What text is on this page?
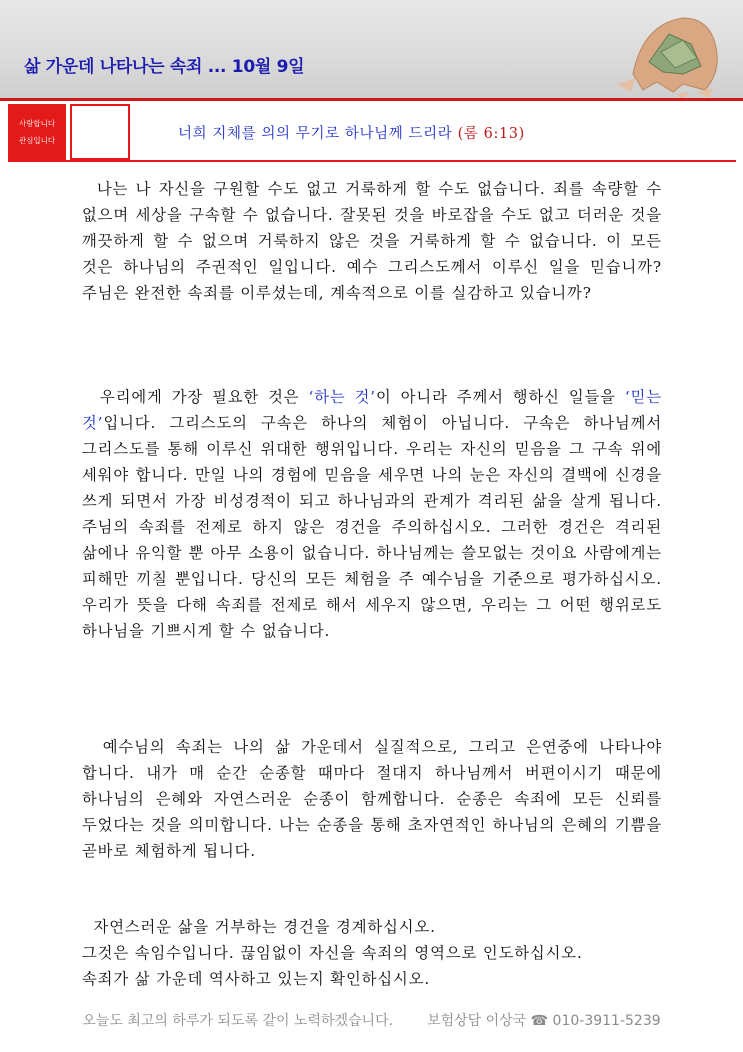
삶 가운데 나타나는 속죄 ... 10월 9일
사랑합니다
관심입니다	너희 지체를 의의 무기로 하나님께 드리라 (롬 6:13)
나는 나 자신을 구원할 수도 없고 거룩하게 할 수도 없습니다. 죄를 속량할 수 없으며 세상을 구속할 수 없습니다. 잘못된 것을 바로잡을 수도 없고 더러운 것을 깨끗하게 할 수 없으며 거룩하지 않은 것을 거룩하게 할 수 없습니다. 이 모든 것은 하나님의 주권적인 일입니다. 예수 그리스도께서 이루신 일을 믿습니까? 주님은 완전한 속죄를 이루셨는데, 계속적으로 이를 실감하고 있습니까?
우리에게 가장 필요한 것은 ‘하는 것’이 아니라 주께서 행하신 일들을 ‘믿는 것’입니다. 그리스도의 구속은 하나의 체험이 아닙니다. 구속은 하나님께서 그리스도를 통해 이루신 위대한 행위입니다. 우리는 자신의 믿음을 그 구속 위에 세워야 합니다. 만일 나의 경험에 믿음을 세우면 나의 눈은 자신의 결백에 신경을 쓰게 되면서 가장 비성경적이 되고 하나님과의 관계가 격리된 삶을 살게 됩니다. 주님의 속죄를 전제로 하지 않은 경건을 주의하십시오. 그러한 경건은 격리된 삶에나 유익할 뿐 아무 소용이 없습니다. 하나님께는 쓸모없는 것이요 사람에게는 피해만 끼칠 뿐입니다. 당신의 모든 체험을 주 예수님을 기준으로 평가하십시오. 우리가 뜻을 다해 속죄를 전제로 해서 세우지 않으면, 우리는 그 어떤 행위로도 하나님을 기쁘시게 할 수 없습니다.
예수님의 속죄는 나의 삶 가운데서 실질적으로, 그리고 은연중에 나타나야 합니다. 내가 매 순간 순종할 때마다 절대지 하나님께서 버편이시기 때문에 하나님의 은혜와 자연스러운 순종이 함께합니다. 순종은 속죄에 모든 신뢰를 두었다는 것을 의미합니다. 나는 순종을 통해 초자연적인 하나님의 은혜의 기쁨을 곧바로 체험하게 됩니다.
자연스러운 삶을 거부하는 경건을 경계하십시오.
그것은 속임수입니다. 끊임없이 자신을 속죄의 영역으로 인도하십시오.
속죄가 삶 가운데 역사하고 있는지 확인하십시오.
오늘도 최고의 하루가 되도록 같이 노력하겠습니다. 보험상담 이상국 ☎ 010-3911-5239
